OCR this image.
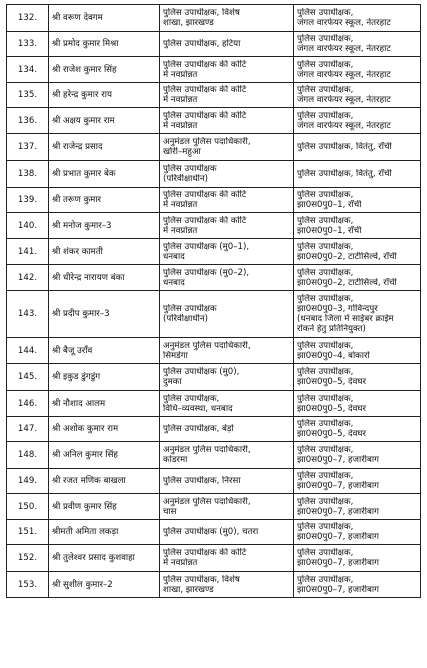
132.	श्री वरूण देवगम	पुलिस उपाधीक्षक, विशेष
शाखा, झारखण्ड	पुलिस उपाधीक्षक,
जंगल वारफेयर स्कूल, नेतरहाट

133.	श्री प्रमोद कुमार मिश्रा	पुलिस उपाधीक्षक, हटिया	पुलिस उपाधीक्षक,
जंगल वारफेयर स्कूल, नेतरहाट

134.	श्री राजेश कुमार सिंह	पुलिस उपाधीक्षक की कोटि
में नवप्रोन्नत	पुलिस उपाधीक्षक,
जंगल वारफेयर स्कूल, नेतरहाट

135.	श्री हरेन्द्र कुमार राय	पुलिस उपाधीक्षक की कोटि
में नवप्रोन्नत	पुलिस उपाधीक्षक,
जंगल वारफेयर स्कूल, नेतरहाट

136.	श्री अक्षय कुमार राम	पुलिस उपाधीक्षक की कोटि
में नवप्रोन्नत	पुलिस उपाधीक्षक,
जंगल वारफेयर स्कूल, नेतरहाट

137.	श्री राजेन्द्र प्रसाद	अनुमंडल पुलिस पदाधिकारी,
खोरी–महुआ	पुलिस उपाधीक्षक, वितंतु, राँची

138.	श्री प्रभात कुमार बेक	पुलिस उपाधीक्षक
(परिवीक्षाधीन)	पुलिस उपाधीक्षक, वितंतु, राँची

139.	श्री तरूण कुमार	पुलिस उपाधीक्षक की कोटि
में नवप्रोन्नत	पुलिस उपाधीक्षक,
झा0स0पु0–1, राँची

140.	श्री मनोज कुमार–3	पुलिस उपाधीक्षक की कोटि
में नवप्रोन्नत	पुलिस उपाधीक्षक,
झा0स0पु0–1, राँची

141.	श्री शंकर कामती	पुलिस उपाधीक्षक (मु0–1),
धनबाद	पुलिस उपाधीक्षक,
झा0स0पु0–2, टाटीसिल्वे, राँची

142.	श्री धीरेन्द्र नारायण बंका	पुलिस उपाधीक्षक (मु0–2),
धनबाद	पुलिस उपाधीक्षक,
झा0स0पु0–2, टाटीसिल्वे, राँची

143.	श्री प्रदीप कुमार–3	पुलिस उपाधीक्षक
(परिवीक्षाधीन)	पुलिस उपाधीक्षक,
झा0स0पु0–3, गोविन्दपुर
(धनबाद जिला में साईबर क्राईम
रोकने हेतु प्रतिनियुक्त)

144.	श्री बैजू उराँव	अनुमंडल पुलिस पदाधिकारी,
सिमडेगा	पुलिस उपाधीक्षक,
झा0स0पु0–4, बोकारो

145.	श्री इकुड डुंगडुंग	पुलिस उपाधीक्षक (मु0),
दुमका	पुलिस उपाधीक्षक,
झा0स0पु0–5, देवघर

146.	श्री नौशाद आलम	पुलिस उपाधीक्षक,
विधि–व्यवस्था, धनबाद	पुलिस उपाधीक्षक,
झा0स0पु0–5, देवघर

147.	श्री अशोक कुमार राम	पुलिस उपाधीक्षक, बेड़ो	पुलिस उपाधीक्षक,
झा0स0पु0–5, देवघर

148.	श्री अनिल कुमार सिंह	अनुमंडल पुलिस पदाधिकारी,
कोडरमा	पुलिस उपाधीक्षक,
झा0स0पु0–7, हजारीबाग

149.	श्री रजत मणिक बाखला	पुलिस उपाधीक्षक, निरसा	पुलिस उपाधीक्षक,
झा0स0पु0–7, हजारीबाग

150.	श्री प्रवीण कुमार सिंह	अनुमंडल पुलिस पदाधिकारी,
चास	पुलिस उपाधीक्षक,
झा0स0पु0–7, हजारीबाग

151.	श्रीमती अमिता लकड़ा	पुलिस उपाधीक्षक (मु0), चतरा	पुलिस उपाधीक्षक,
झा0स0पु0–7, हजारीबाग

152.	श्री तुलेश्वर प्रसाद कुशवाहा	पुलिस उपाधीक्षक की कोटि
में नवप्रोन्नत	पुलिस उपाधीक्षक,
झा0स0पु0–7, हजारीबाग

153.	श्री सुशील कुमार–2	पुलिस उपाधीक्षक, विशेष
शाखा, झारखण्ड	पुलिस उपाधीक्षक,
झा0स0पु0–7, हजारीबाग
